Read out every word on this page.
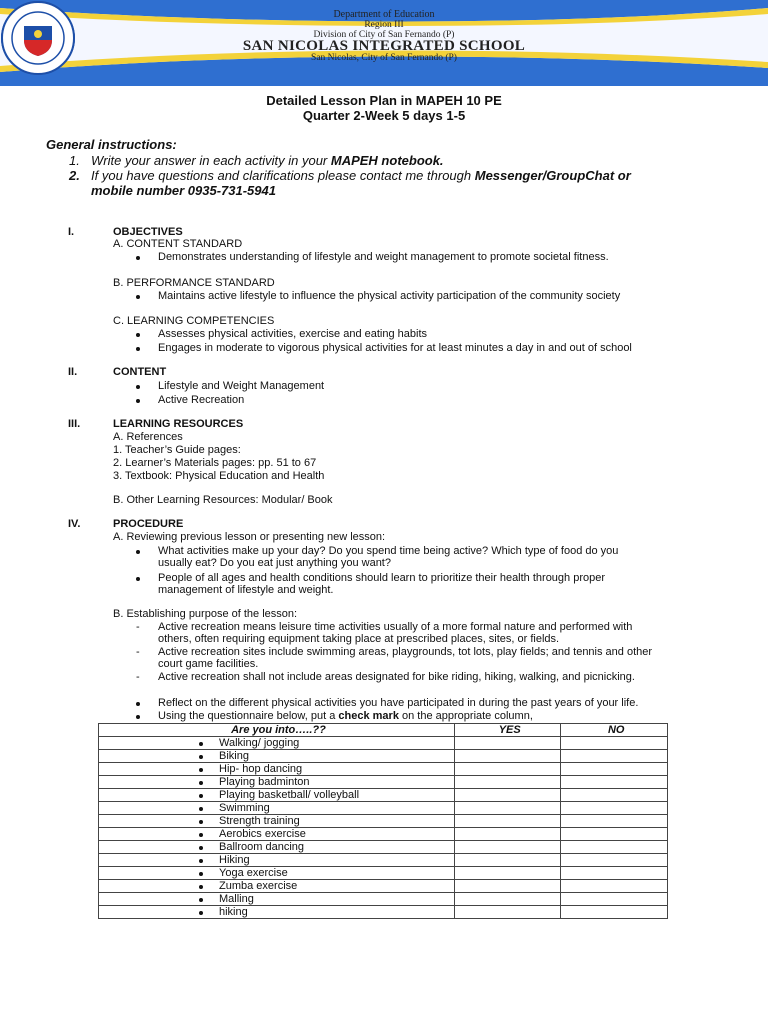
Department of Education
Region III
Division of City of San Fernando (P)
SAN NICOLAS INTEGRATED SCHOOL
San Nicolas, City of San Fernando (P)
Detailed Lesson Plan in MAPEH 10 PE
Quarter 2-Week 5 days 1-5
General instructions:
1. Write your answer in each activity in your MAPEH notebook.
2. If you have questions and clarifications please contact me through Messenger/GroupChat or
mobile number 0935-731-5941
I.	OBJECTIVES
A. CONTENT STANDARD
Demonstrates understanding of lifestyle and weight management to promote societal fitness.
B. PERFORMANCE STANDARD
Maintains active lifestyle to influence the physical activity participation of the community society
C. LEARNING COMPETENCIES
Assesses physical activities, exercise and eating habits
Engages in moderate to vigorous physical activities for at least minutes a day in and out of school
II.	CONTENT
Lifestyle and Weight Management
Active Recreation
III.	LEARNING RESOURCES
A. References
1. Teacher’s Guide pages:
2. Learner’s Materials pages: pp. 51 to 67
3. Textbook: Physical Education and Health
B. Other Learning Resources: Modular/ Book
IV.	PROCEDURE
A. Reviewing previous lesson or presenting new lesson:
What activities make up your day? Do you spend time being active? Which type of food do you
usually eat? Do you eat just anything you want?
People of all ages and health conditions should learn to prioritize their health through proper
management of lifestyle and weight.
B. Establishing purpose of the lesson:
- Active recreation means leisure time activities usually of a more formal nature and performed with
others, often requiring equipment taking place at prescribed places, sites, or fields.
- Active recreation sites include swimming areas, playgrounds, tot lots, play fields; and tennis and other
court game facilities.
- Active recreation shall not include areas designated for bike riding, hiking, walking, and picnicking.
Reflect on the different physical activities you have participated in during the past years of your life.
Using the questionnaire below, put a check mark on the appropriate column,
Are you into…..??	YES	NO

Walking/ jogging		

Biking		

Hip- hop dancing		

Playing badminton		

Playing basketball/ volleyball		

Swimming		

Strength training		

Aerobics exercise		

Ballroom dancing		

Hiking		

Yoga exercise		

Zumba exercise		

Malling		

hiking		
